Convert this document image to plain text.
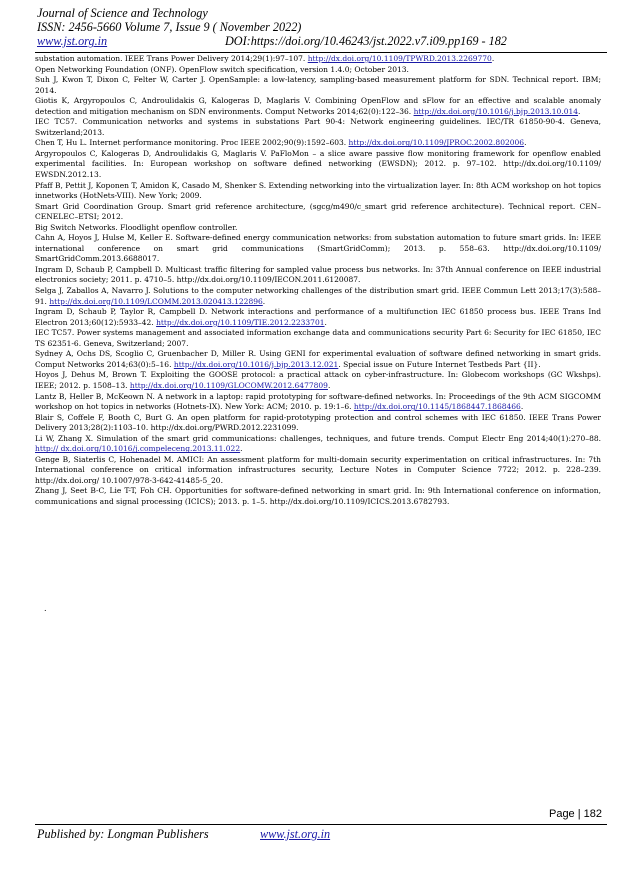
Journal of Science and Technology
ISSN: 2456-5660 Volume 7, Issue 9 ( November 2022)
www.jst.org.in	DOI:https://doi.org/10.46243/jst.2022.v7.i09.pp169 - 182

substation automation. IEEE Trans Power Delivery 2014;29(1):97–107. http://dx.doi.org/10.1109/TPWRD.2013.2269770.

Open Networking Foundation (ONF). OpenFlow switch specification, version 1.4.0; October 2013.

Suh J, Kwon T, Dixon C, Felter W, Carter J. OpenSample: a low-latency, sampling-based measurement platform for SDN. Technical report. IBM; 2014.

Giotis K, Argyropoulos C, Androulidakis G, Kalogeras D, Maglaris V. Combining OpenFlow and sFlow for an effective and scalable anomaly detection and mitigation mechanism on SDN environments. Comput Networks 2014;62(0):122–36. http://dx.doi.org/10.1016/j.bjp.2013.10.014.

IEC TC57. Communication networks and systems in substations Part 90-4: Network engineering guidelines. IEC/TR 61850-90-4. Geneva, Switzerland;2013.

Chen T, Hu L. Internet performance monitoring. Proc IEEE 2002;90(9):1592–603. http://dx.doi.org/10.1109/JPROC.2002.802006.

Argyropoulos C, Kalogeras D, Androulidakis G, Maglaris V. PaFloMon – a slice aware passive flow monitoring framework for openflow enabled experimental facilities. In: European workshop on software defined networking (EWSDN); 2012. p. 97–102. http://dx.doi.org/10.1109/ EWSDN.2012.13.

Pfaff B, Pettit J, Koponen T, Amidon K, Casado M, Shenker S. Extending networking into the virtualization layer. In: 8th ACM workshop on hot topics innetworks (HotNets-VIII). New York; 2009.

Smart Grid Coordination Group. Smart grid reference architecture, (sgcg/m490/c_smart grid reference architecture). Technical report. CEN–CENELEC–ETSI; 2012.

Big Switch Networks. Floodlight openflow controller.

Cahn A, Hoyos J, Hulse M, Keller E. Software-defined energy communication networks: from substation automation to future smart grids. In: IEEE international conference on smart grid communications (SmartGridComm); 2013. p. 558–63. http://dx.doi.org/10.1109/ SmartGridComm.2013.6688017.

Ingram D, Schaub P, Campbell D. Multicast traffic filtering for sampled value process bus networks. In: 37th Annual conference on IEEE industrial electronics society; 2011. p. 4710–5. http://dx.doi.org/10.1109/IECON.2011.6120087.

Selga J, Zaballos A, Navarro J. Solutions to the computer networking challenges of the distribution smart grid. IEEE Commun Lett 2013;17(3):588–91. http://dx.doi.org/10.1109/LCOMM.2013.020413.122896.

Ingram D, Schaub P, Taylor R, Campbell D. Network interactions and performance of a multifunction IEC 61850 process bus. IEEE Trans Ind Electron 2013;60(12):5933–42. http://dx.doi.org/10.1109/TIE.2012.2233701.

IEC TC57. Power systems management and associated information exchange data and communications security Part 6: Security for IEC 61850, IEC TS 62351-6. Geneva, Switzerland; 2007.

Sydney A, Ochs DS, Scoglio C, Gruenbacher D, Miller R. Using GENI for experimental evaluation of software defined networking in smart grids. Comput Networks 2014;63(0):5–16. http://dx.doi.org/10.1016/j.bjp.2013.12.021. Special issue on Future Internet Testbeds Part {II}.

Hoyos J, Dehus M, Brown T. Exploiting the GOOSE protocol: a practical attack on cyber-infrastructure. In: Globecom workshops (GC Wkshps). IEEE; 2012. p. 1508–13. http://dx.doi.org/10.1109/GLOCOMW.2012.6477809.

Lantz B, Heller B, McKeown N. A network in a laptop: rapid prototyping for software-defined networks. In: Proceedings of the 9th ACM SIGCOMM workshop on hot topics in networks (Hotnets-IX). New York: ACM; 2010. p. 19:1–6. http://dx.doi.org/10.1145/1868447.1868466.

Blair S, Coffele F, Booth C, Burt G. An open platform for rapid-prototyping protection and control schemes with IEC 61850. IEEE Trans Power Delivery 2013;28(2):1103–10. http://dx.doi.org/PWRD.2012.2231099.

Li W, Zhang X. Simulation of the smart grid communications: challenges, techniques, and future trends. Comput Electr Eng 2014;40(1):270–88. http:// dx.doi.org/10.1016/j.compeleceng.2013.11.022.

Genge B, Siaterlis C, Hohenadel M. AMICI: An assessment platform for multi-domain security experimentation on critical infrastructures. In: 7th International conference on critical information infrastructures security, Lecture Notes in Computer Science 7722; 2012. p. 228–239. http://dx.doi.org/ 10.1007/978-3-642-41485-5_20.

Zhang J, Seet B-C, Lie T-T, Foh CH. Opportunities for software-defined networking in smart grid. In: 9th International conference on information, communications and signal processing (ICICS); 2013. p. 1–5. http://dx.doi.org/10.1109/ICICS.2013.6782793.

.
Page | 182
Published by: Longman Publishers	www.jst.org.in
